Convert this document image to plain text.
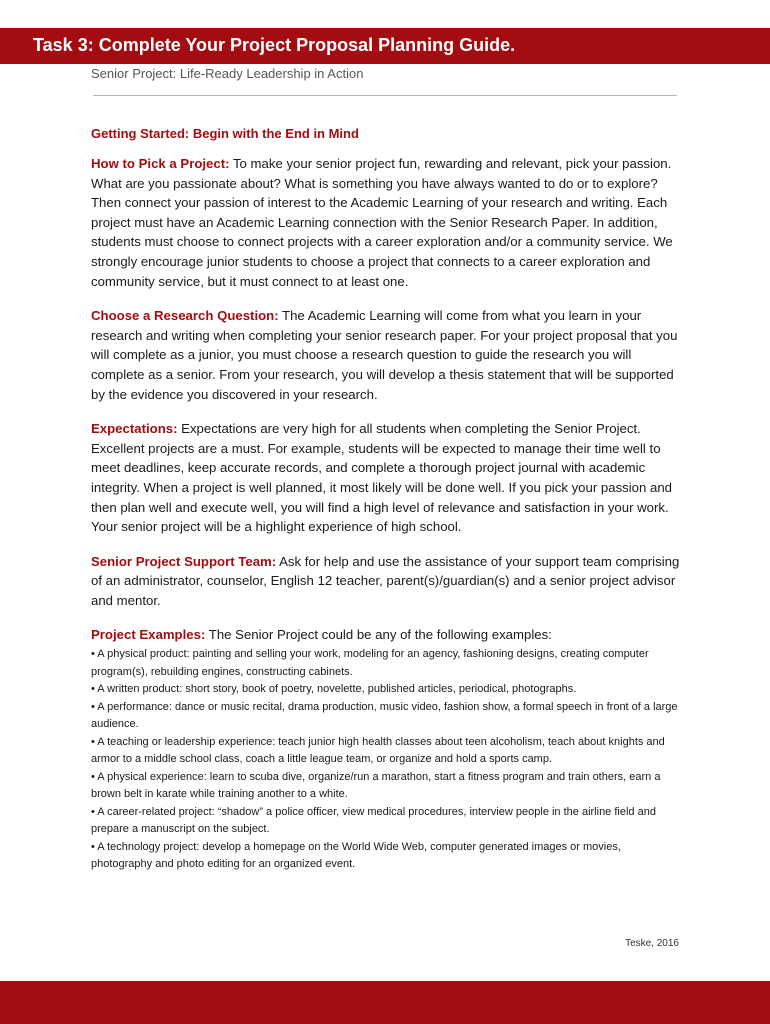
Task 3: Complete Your Project Proposal Planning Guide.
Senior Project: Life-Ready Leadership in Action
Getting Started: Begin with the End in Mind

How to Pick a Project: To make your senior project fun, rewarding and relevant, pick your passion. What are you passionate about? What is something you have always wanted to do or to explore? Then connect your passion of interest to the Academic Learning of your research and writing. Each project must have an Academic Learning connection with the Senior Research Paper. In addition, students must choose to connect projects with a career exploration and/or a community service. We strongly encourage junior students to choose a project that connects to a career exploration and community service, but it must connect to at least one.

Choose a Research Question: The Academic Learning will come from what you learn in your research and writing when completing your senior research paper. For your project proposal that you will complete as a junior, you must choose a research question to guide the research you will complete as a senior. From your research, you will develop a thesis statement that will be supported by the evidence you discovered in your research.

Expectations: Expectations are very high for all students when completing the Senior Project. Excellent projects are a must. For example, students will be expected to manage their time well to meet deadlines, keep accurate records, and complete a thorough project journal with academic integrity. When a project is well planned, it most likely will be done well. If you pick your passion and then plan well and execute well, you will find a high level of relevance and satisfaction in your work. Your senior project will be a highlight experience of high school.

Senior Project Support Team: Ask for help and use the assistance of your support team comprising of an administrator, counselor, English 12 teacher, parent(s)/guardian(s) and a senior project advisor and mentor.

Project Examples: The Senior Project could be any of the following examples:
• A physical product: painting and selling your work, modeling for an agency, fashioning designs, creating computer program(s), rebuilding engines, constructing cabinets.
• A written product: short story, book of poetry, novelette, published articles, periodical, photographs.
• A performance: dance or music recital, drama production, music video, fashion show, a formal speech in front of a large audience.
• A teaching or leadership experience: teach junior high health classes about teen alcoholism, teach about knights and armor to a middle school class, coach a little league team, or organize and hold a sports camp.
• A physical experience: learn to scuba dive, organize/run a marathon, start a fitness program and train others, earn a brown belt in karate while training another to a white.
• A career-related project: “shadow” a police officer, view medical procedures, interview people in the airline field and prepare a manuscript on the subject.
• A technology project: develop a homepage on the World Wide Web, computer generated images or movies, photography and photo editing for an organized event.
Teske, 2016
